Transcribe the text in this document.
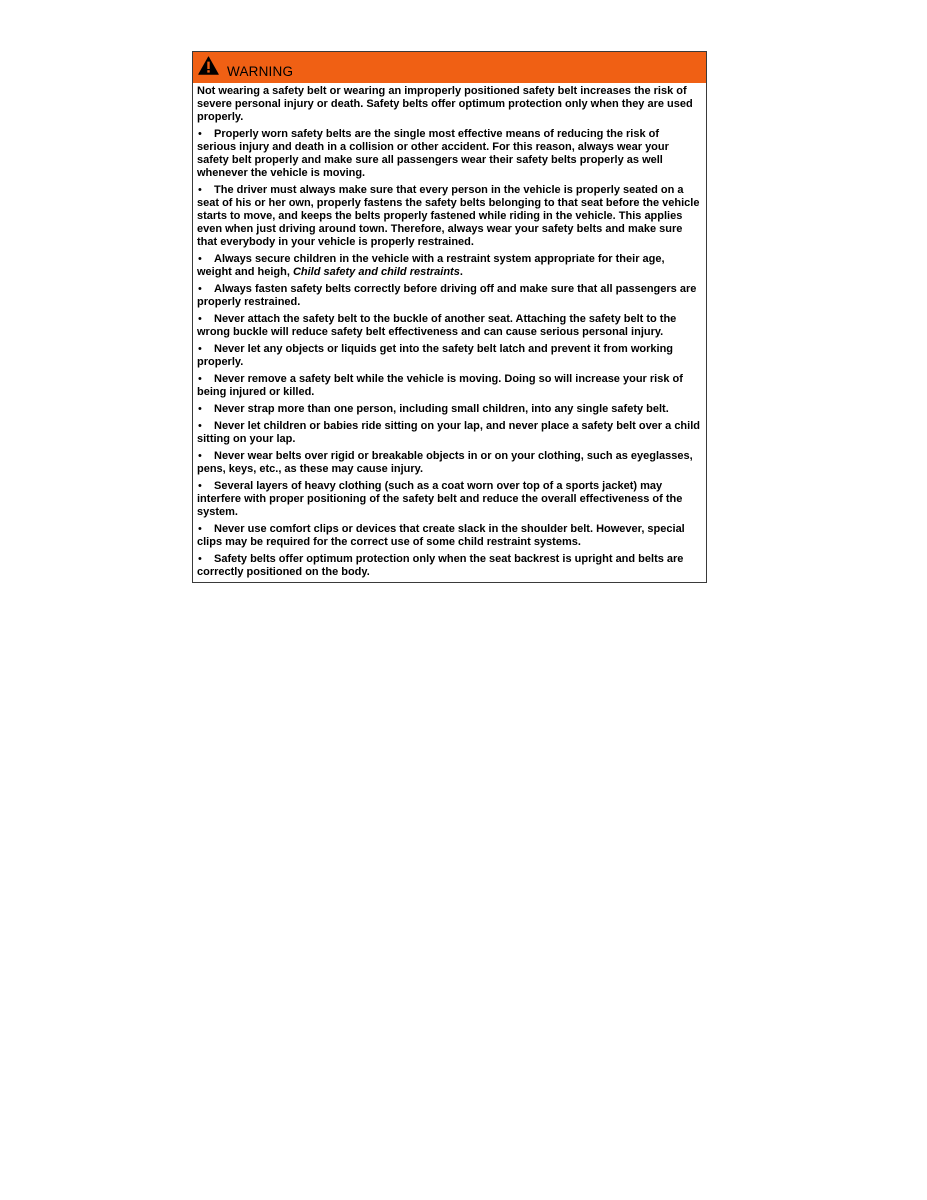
WARNING

Not wearing a safety belt or wearing an improperly positioned safety belt increases the risk of severe personal injury or death. Safety belts offer optimum protection only when they are used properly.

• Properly worn safety belts are the single most effective means of reducing the risk of serious injury and death in a collision or other accident. For this reason, always wear your safety belt properly and make sure all passengers wear their safety belts properly as well whenever the vehicle is moving.
• The driver must always make sure that every person in the vehicle is properly seated on a seat of his or her own, properly fastens the safety belts belonging to that seat before the vehicle starts to move, and keeps the belts properly fastened while riding in the vehicle. This applies even when just driving around town. Therefore, always wear your safety belts and make sure that everybody in your vehicle is properly restrained.
• Always secure children in the vehicle with a restraint system appropriate for their age, weight and heigh, Child safety and child restraints.
• Always fasten safety belts correctly before driving off and make sure that all passengers are properly restrained.
• Never attach the safety belt to the buckle of another seat. Attaching the safety belt to the wrong buckle will reduce safety belt effectiveness and can cause serious personal injury.
• Never let any objects or liquids get into the safety belt latch and prevent it from working properly.
• Never remove a safety belt while the vehicle is moving. Doing so will increase your risk of being injured or killed.
• Never strap more than one person, including small children, into any single safety belt.
• Never let children or babies ride sitting on your lap, and never place a safety belt over a child sitting on your lap.
• Never wear belts over rigid or breakable objects in or on your clothing, such as eyeglasses, pens, keys, etc., as these may cause injury.
• Several layers of heavy clothing (such as a coat worn over top of a sports jacket) may interfere with proper positioning of the safety belt and reduce the overall effectiveness of the system.
• Never use comfort clips or devices that create slack in the shoulder belt. However, special clips may be required for the correct use of some child restraint systems.
• Safety belts offer optimum protection only when the seat backrest is upright and belts are correctly positioned on the body.
